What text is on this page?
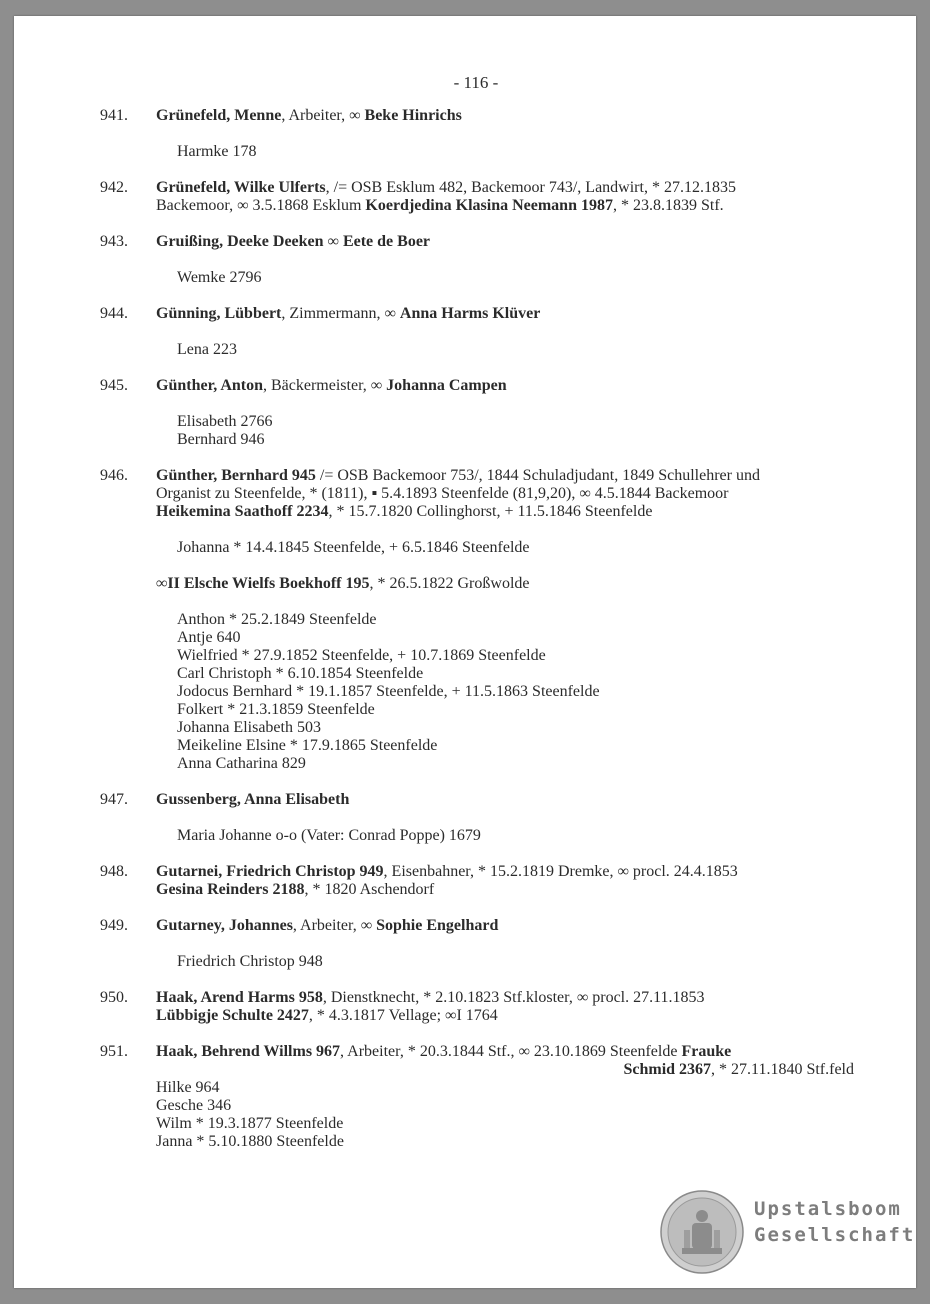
- 116 -
941.	Grünefeld, Menne, Arbeiter, ∞ Beke Hinrichs
Harmke 178
942.	Grünefeld, Wilke Ulferts, /= OSB Esklum 482, Backemoor 743/, Landwirt, * 27.12.1835
Backemoor, ∞ 3.5.1868 Esklum Koerdjedina Klasina Neemann 1987, * 23.8.1839 Stf.
943.	Gruißing, Deeke Deeken ∞ Eete de Boer
Wemke 2796
944.	Günning, Lübbert, Zimmermann, ∞ Anna Harms Klüver
Lena 223
945.	Günther, Anton, Bäckermeister, ∞ Johanna Campen
Elisabeth 2766
Bernhard 946
946.	Günther, Bernhard 945 /= OSB Backemoor 753/, 1844 Schuladjudant, 1849 Schullehrer und
Organist zu Steenfelde, * (1811), ▪ 5.4.1893 Steenfelde (81,9,20), ∞ 4.5.1844 Backemoor
Heikemina Saathoff 2234, * 15.7.1820 Collinghorst, + 11.5.1846 Steenfelde
Johanna * 14.4.1845 Steenfelde, + 6.5.1846 Steenfelde
∞II Elsche Wielfs Boekhoff 195, * 26.5.1822 Großwolde
Anthon * 25.2.1849 Steenfelde
Antje 640
Wielfried * 27.9.1852 Steenfelde, + 10.7.1869 Steenfelde
Carl Christoph * 6.10.1854 Steenfelde
Jodocus Bernhard * 19.1.1857 Steenfelde, + 11.5.1863 Steenfelde
Folkert * 21.3.1859 Steenfelde
Johanna Elisabeth 503
Meikeline Elsine * 17.9.1865 Steenfelde
Anna Catharina 829
947.	Gussenberg, Anna Elisabeth
Maria Johanne o-o (Vater: Conrad Poppe) 1679
948.	Gutarnei, Friedrich Christop 949, Eisenbahner, * 15.2.1819 Dremke, ∞ procl. 24.4.1853
Gesina Reinders 2188, * 1820 Aschendorf
949.	Gutarney, Johannes, Arbeiter, ∞ Sophie Engelhard
Friedrich Christop 948
950.	Haak, Arend Harms 958, Dienstknecht, * 2.10.1823 Stf.kloster, ∞ procl. 27.11.1853
Lübbigje Schulte 2427, * 4.3.1817 Vellage; ∞I 1764
951.	Haak, Behrend Willms 967, Arbeiter, * 20.3.1844 Stf., ∞ 23.10.1869 Steenfelde Frauke
Schmid 2367, * 27.11.1840 Stf.feld
Hilke 964
Gesche 346
Wilm * 19.3.1877 Steenfelde
Janna * 5.10.1880 Steenfelde
Upstalsboom
Gesellschaft
